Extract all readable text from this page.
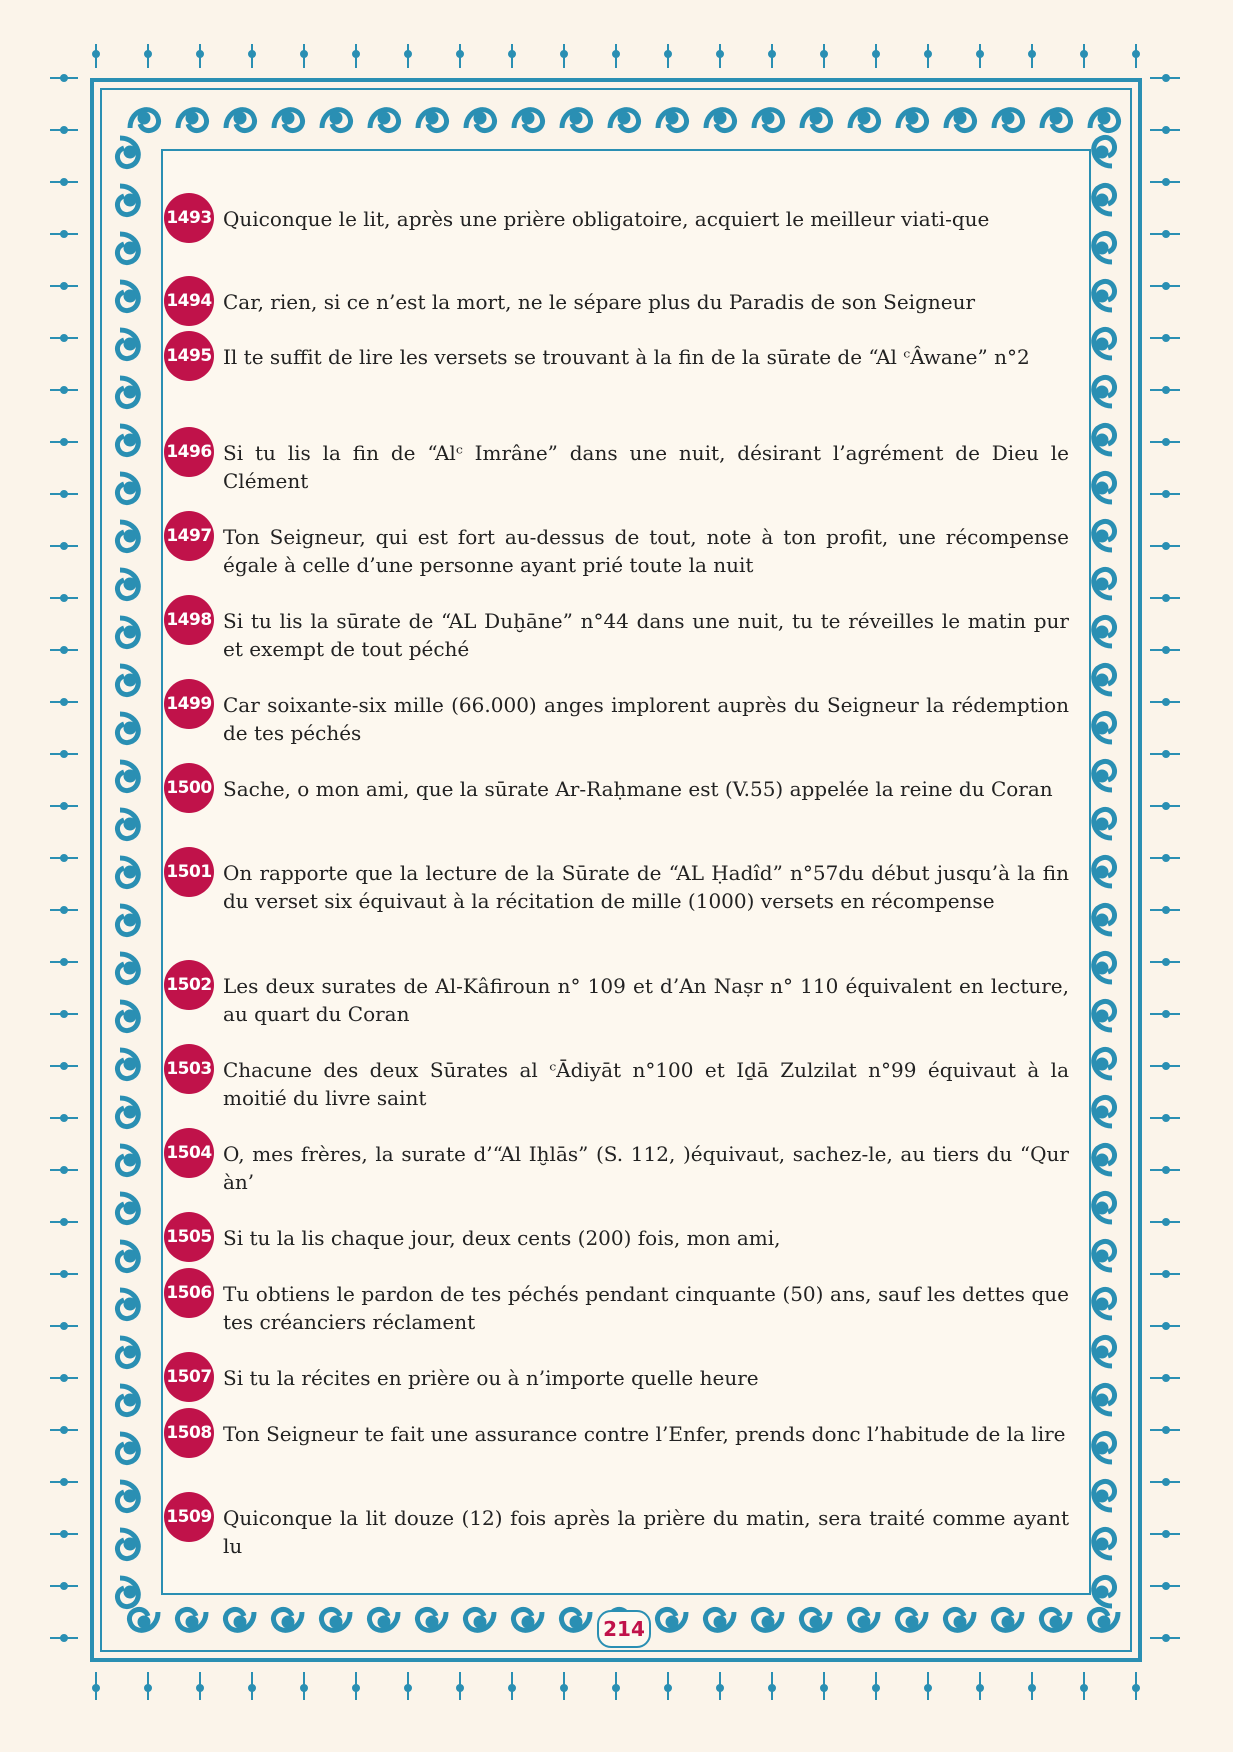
1493 Quiconque le lit, après une prière obligatoire, acquiert le meilleur viati-que
1494 Car, rien, si ce n’est la mort, ne le sépare plus du Paradis de son Seigneur
1495 Il te suffit de lire les versets se trouvant à la fin de la sūrate de “Al ᶜÂwane” n°2
1496 Si tu lis la fin de “Alᶜ Imrâne” dans une nuit, désirant l’agrément de Dieu le Clément
1497 Ton Seigneur, qui est fort au-dessus de tout, note à ton profit, une récompense égale à celle d’une personne ayant prié toute la nuit
1498 Si tu lis la sūrate de “AL Duḫāne” n°44 dans une nuit, tu te réveilles le matin pur et exempt de tout péché
1499 Car soixante-six mille (66.000) anges implorent auprès du Seigneur la rédemption de tes péchés
1500 Sache, o mon ami, que la sūrate Ar-Raḥmane est (V.55) appelée la reine du Coran
1501 On rapporte que la lecture de la Sūrate de “AL Ḥadîd” n°57du début jusqu’à la fin du verset six équivaut à la récitation de mille (1000) versets en récompense
1502 Les deux surates de Al-Kâfiroun n° 109 et d’An Naṣr n° 110 équivalent en lecture, au quart du Coran
1503 Chacune des deux Sūrates al ᶜĀdiyāt n°100 et Iḏā Zulzilat n°99 équivaut à la moitié du livre saint
1504 O, mes frères, la surate d’“Al Iḫlās” (S. 112, )équivaut, sachez-le, au tiers du “Qur àn’
1505 Si tu la lis chaque jour, deux cents (200) fois, mon ami,
1506 Tu obtiens le pardon de tes péchés pendant cinquante (50) ans, sauf les dettes que tes créanciers réclament
1507 Si tu la récites en prière ou à n’importe quelle heure
1508 Ton Seigneur te fait une assurance contre l’Enfer, prends donc l’habitude de la lire
1509 Quiconque la lit douze (12) fois après la prière du matin, sera traité comme ayant lu
214
